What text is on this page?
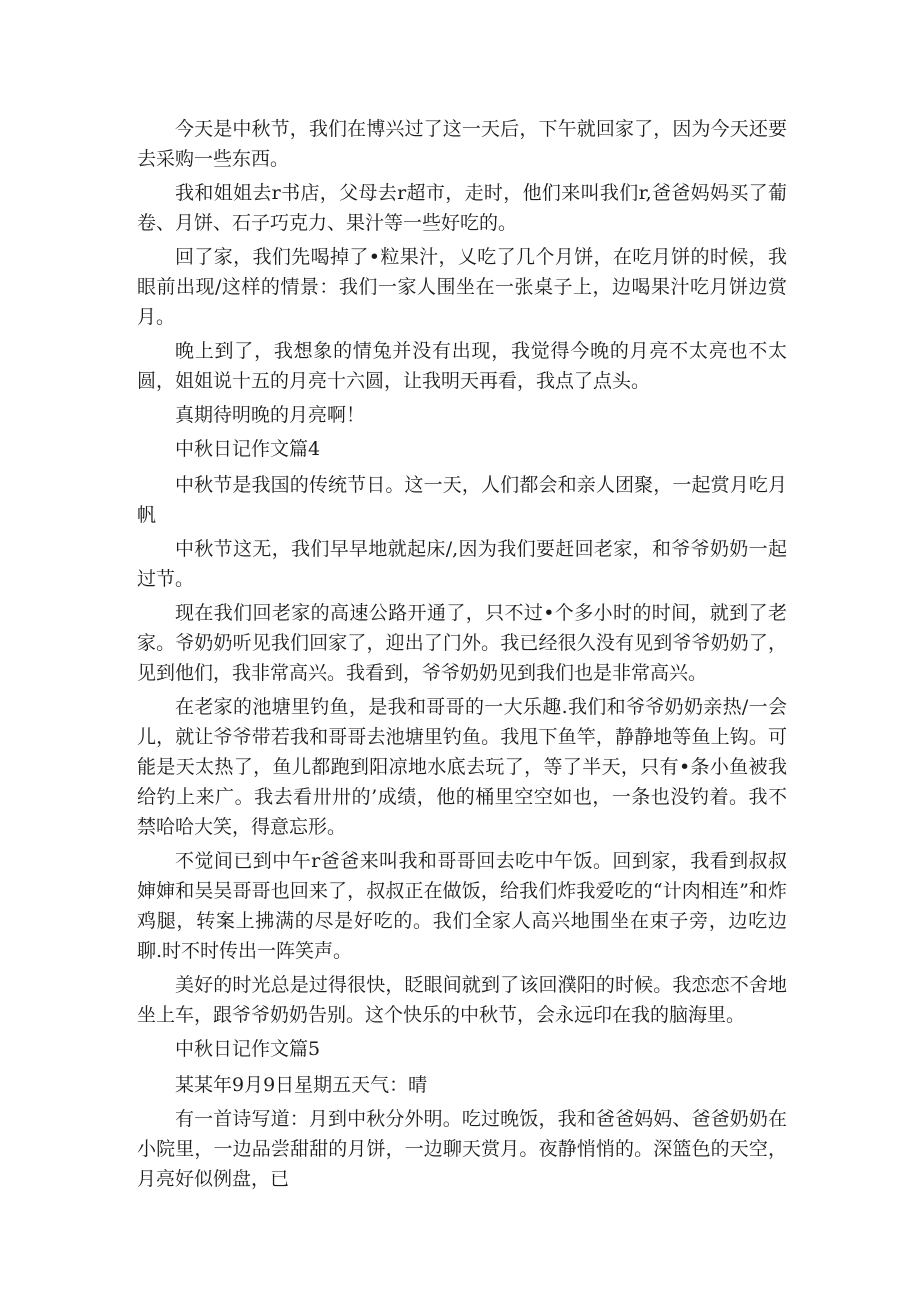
今天是中秋节，我们在博兴过了这一天后，下午就回家了，因为今天还要去采购一些东西。

我和姐姐去r书店，父母去r超市，走时，他们来叫我们r,爸爸妈妈买了葡卷、月饼、石子巧克力、果汁等一些好吃的。

回了家，我们先喝掉了•粒果汁，乂吃了几个月饼，在吃月饼的时候，我眼前出现/这样的情景：我们一家人围坐在一张桌子上，边喝果汁吃月饼边赏月。

晚上到了，我想象的情兔并没有出现，我觉得今晚的月亮不太亮也不太圆，姐姐说十五的月亮十六圆，让我明天再看，我点了点头。

真期待明晚的月亮啊！

中秋日记作文篇4

中秋节是我国的传统节日。这一天，人们都会和亲人团聚，一起赏月吃月帆

中秋节这无，我们早早地就起床/,因为我们要赶回老家，和爷爷奶奶一起过节。

现在我们回老家的高速公路开通了，只不过•个多小时的时间，就到了老家。爷奶奶听见我们回家了，迎出了门外。我已经很久没有见到爷爷奶奶了，见到他们，我非常高兴。我看到，爷爷奶奶见到我们也是非常高兴。

在老家的池塘里钓鱼，是我和哥哥的一大乐趣.我们和爷爷奶奶亲热/一会儿，就让爷爷带若我和哥哥去池塘里钓鱼。我甩下鱼竿，静静地等鱼上钩。可能是天太热了，鱼儿都跑到阳凉地水底去玩了，等了半天，只有•条小鱼被我给钓上来广。我去看卅卅的’成绩，他的桶里空空如也，一条也没钓着。我不禁哈哈大笑，得意忘形。

不觉间已到中午r爸爸来叫我和哥哥回去吃中午饭。回到家，我看到叔叔婶婶和吴吴哥哥也回来了，叔叔正在做饭，给我们炸我爱吃的“计肉相连”和炸鸡腿，转案上拂满的尽是好吃的。我们全家人高兴地围坐在束子旁，边吃边聊.时不时传出一阵笑声。

美好的时光总是过得很快，眨眼间就到了该回濮阳的时候。我恋恋不舍地坐上车，跟爷爷奶奶告别。这个快乐的中秋节，会永远印在我的脑海里。

中秋日记作文篇5

某某年9月9日星期五天气：晴

有一首诗写道：月到中秋分外明。吃过晚饭，我和爸爸妈妈、爸爸奶奶在小院里，一边品尝甜甜的月饼，一边聊天赏月。夜静悄悄的。深篮色的天空，月亮好似例盘，已
